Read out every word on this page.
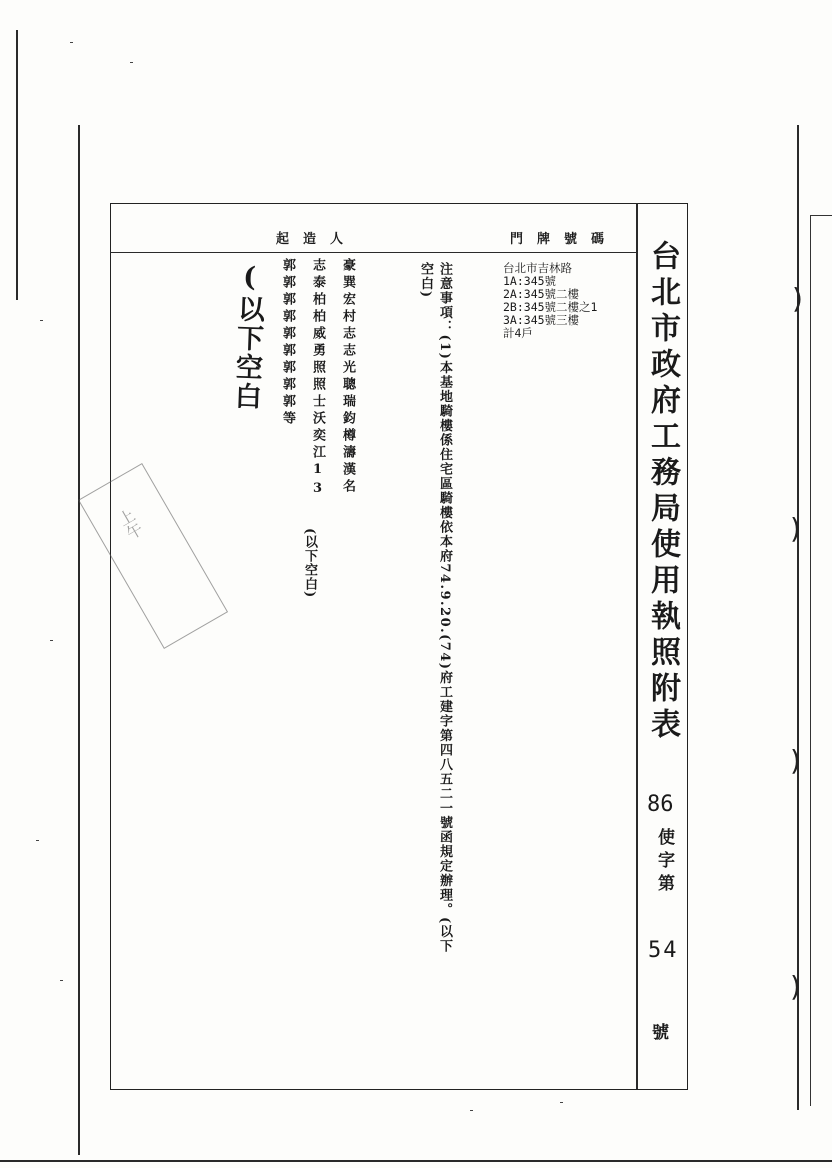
)
)
)
)
台北市政府工務局使用執照附表
86
使字第
54
號
門牌號碼
起造人
台北市吉林路
1A:345號
2A:345號二樓
2B:345號二樓之1
3A:345號三樓
計4戶
注意事項：(1)本基地騎樓係住宅區騎樓依本府74.9.20.(74)府工建字第四八五二一號函規定辦理。(以下空白)
豪巽宏村志志光聰瑞鈞樽濤漢名
志泰柏柏威勇照照士沃奕江13
(以下空白)
郭郭郭郭郭郭郭郭郭等
(以下空白
上午
